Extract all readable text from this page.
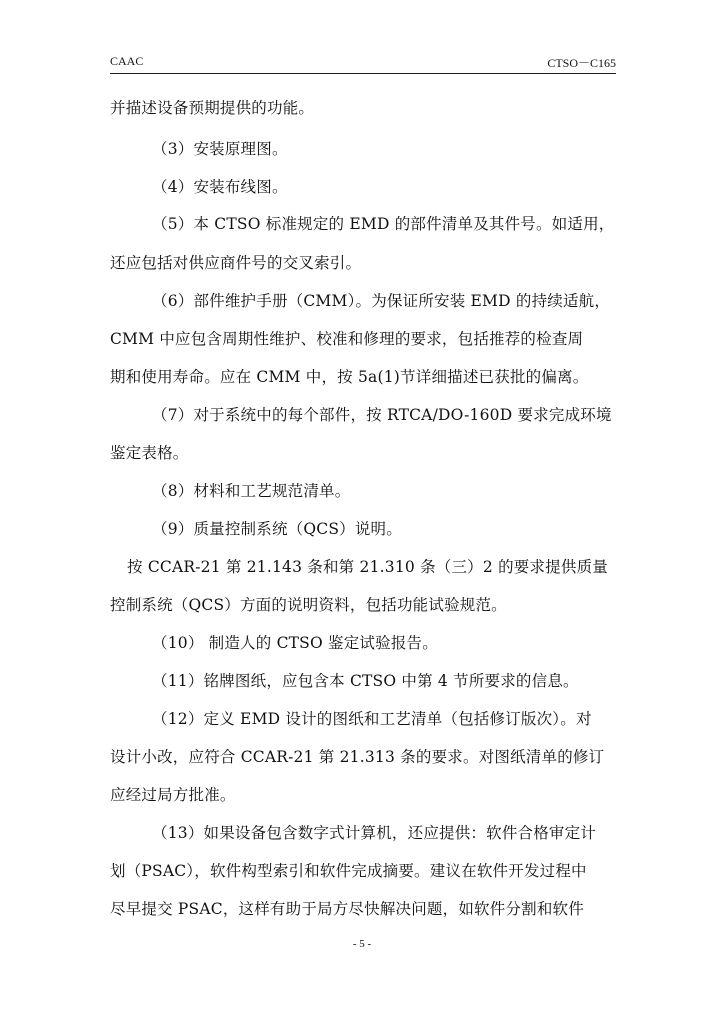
CAAC	CTSO－C165
并描述设备预期提供的功能。
（3）安装原理图。
（4）安装布线图。
（5）本 CTSO 标准规定的 EMD 的部件清单及其件号。如适用，
还应包括对供应商件号的交叉索引。
（6）部件维护手册（CMM）。为保证所安装 EMD 的持续适航，
CMM 中应包含周期性维护、校准和修理的要求，包括推荐的检查周
期和使用寿命。应在 CMM 中，按 5a(1)节详细描述已获批的偏离。
（7）对于系统中的每个部件，按 RTCA/DO-160D 要求完成环境
鉴定表格。
（8）材料和工艺规范清单。
（9）质量控制系统（QCS）说明。
按 CCAR-21 第 21.143 条和第 21.310 条（三）2 的要求提供质量
控制系统（QCS）方面的说明资料，包括功能试验规范。
（10） 制造人的 CTSO 鉴定试验报告。
（11）铭牌图纸，应包含本 CTSO 中第 4 节所要求的信息。
（12）定义 EMD 设计的图纸和工艺清单（包括修订版次）。对
设计小改，应符合 CCAR-21 第 21.313 条的要求。对图纸清单的修订
应经过局方批准。
（13）如果设备包含数字式计算机，还应提供：软件合格审定计
划（PSAC），软件构型索引和软件完成摘要。建议在软件开发过程中
尽早提交 PSAC，这样有助于局方尽快解决问题，如软件分割和软件
- 5 -
